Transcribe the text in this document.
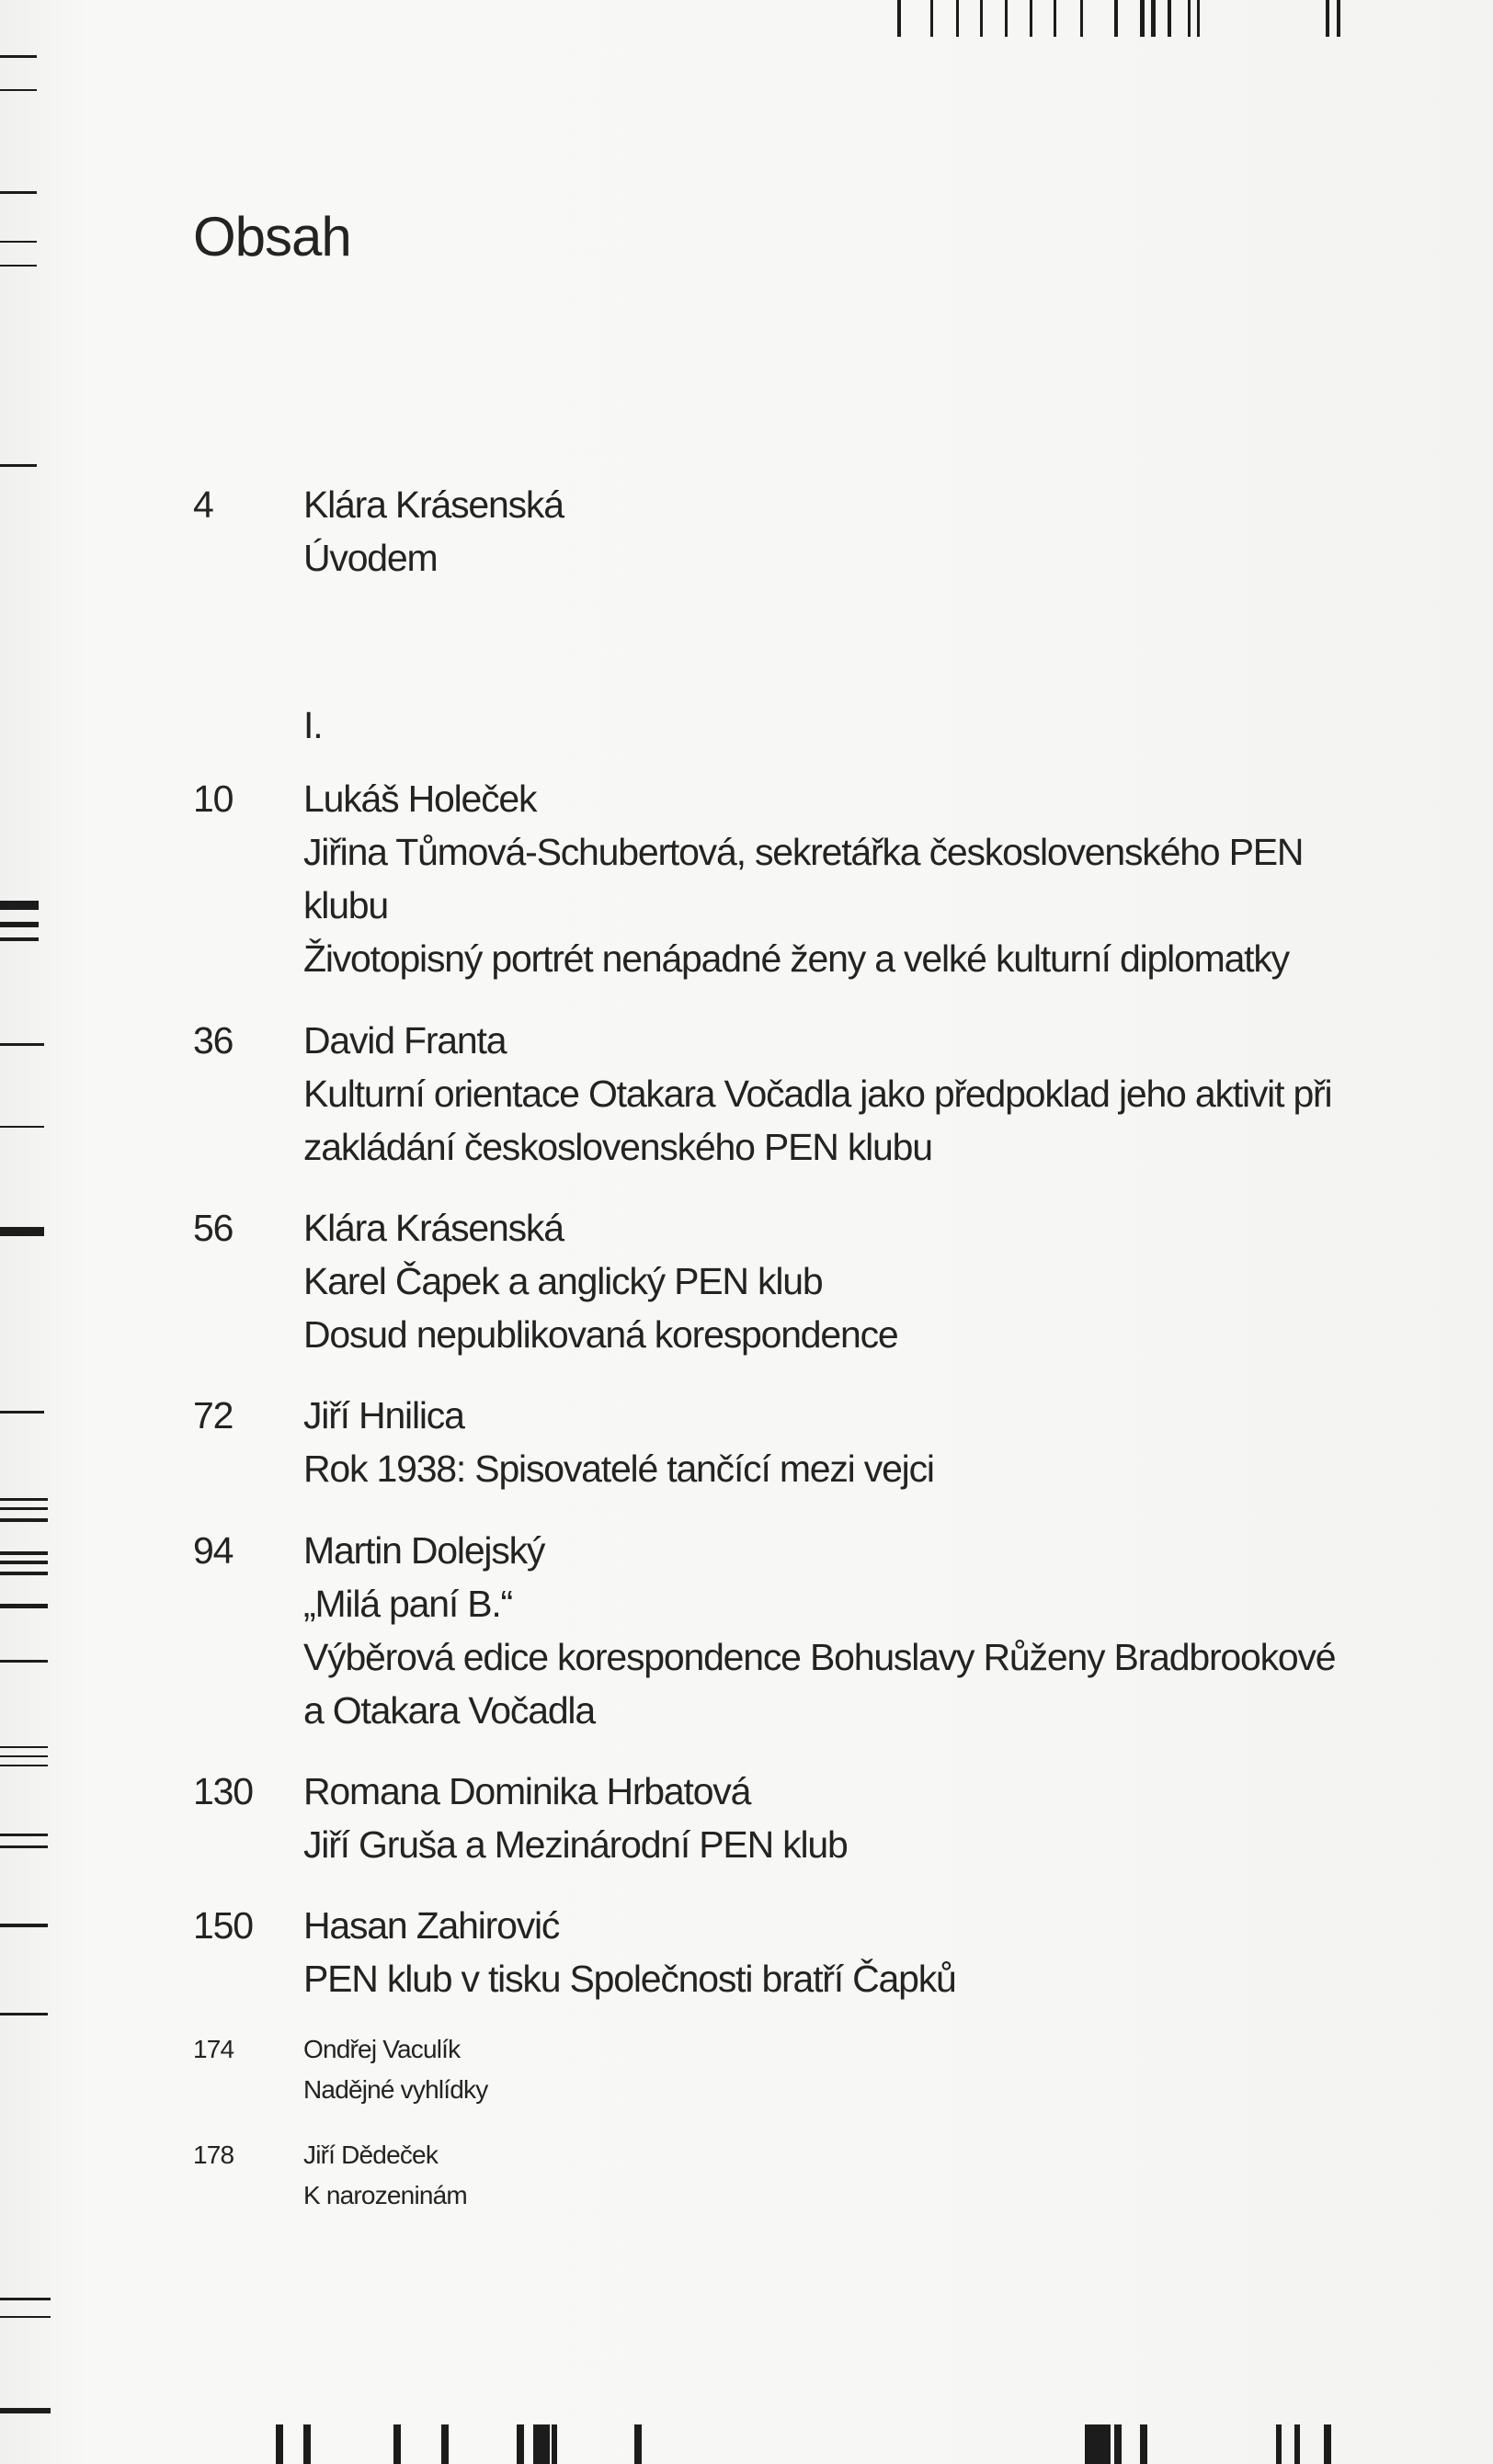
Obsah
I.
4 Klára Krásenská
Úvodem
10 Lukáš Holeček
Jiřina Tůmová-Schubertová, sekretářka československého PEN
klubu
Životopisný portrét nenápadné ženy a velké kulturní diplomatky
36 David Franta
Kulturní orientace Otakara Vočadla jako předpoklad jeho aktivit při
zakládání československého PEN klubu
56 Klára Krásenská
Karel Čapek a anglický PEN klub
Dosud nepublikovaná korespondence
72 Jiří Hnilica
Rok 1938: Spisovatelé tančící mezi vejci
94 Martin Dolejský
„Milá paní B.“
Výběrová edice korespondence Bohuslavy Růženy Bradbrookové
a Otakara Vočadla
130 Romana Dominika Hrbatová
Jiří Gruša a Mezinárodní PEN klub
150 Hasan Zahirović
PEN klub v tisku Společnosti bratří Čapků
174	Ondřej Vaculík
Nadějné vyhlídky
178	Jiří Dědeček
K narozeninám
